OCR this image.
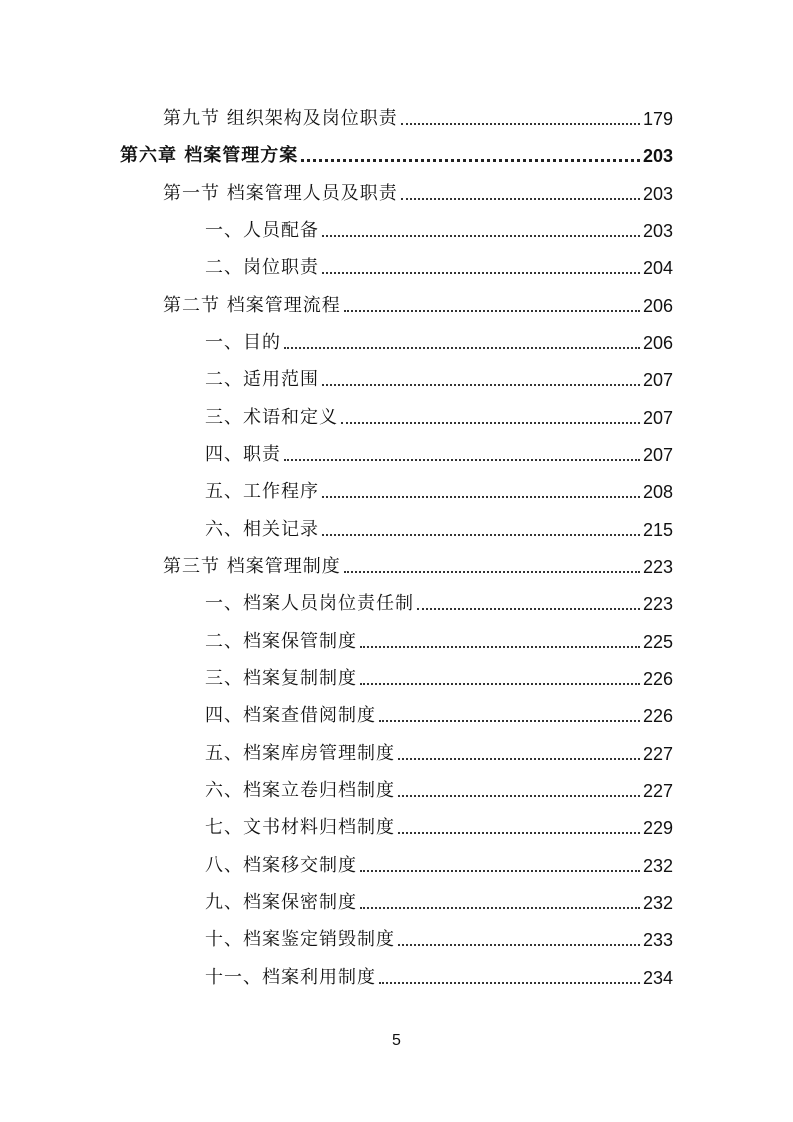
第九节 组织架构及岗位职责	179
第六章 档案管理方案	203
第一节 档案管理人员及职责	203
一、人员配备	203
二、岗位职责	204
第二节 档案管理流程	206
一、目的	206
二、适用范围	207
三、术语和定义	207
四、职责	207
五、工作程序	208
六、相关记录	215
第三节 档案管理制度	223
一、档案人员岗位责任制	223
二、档案保管制度	225
三、档案复制制度	226
四、档案查借阅制度	226
五、档案库房管理制度	227
六、档案立卷归档制度	227
七、文书材料归档制度	229
八、档案移交制度	232
九、档案保密制度	232
十、档案鉴定销毁制度	233
十一、档案利用制度	234
5
